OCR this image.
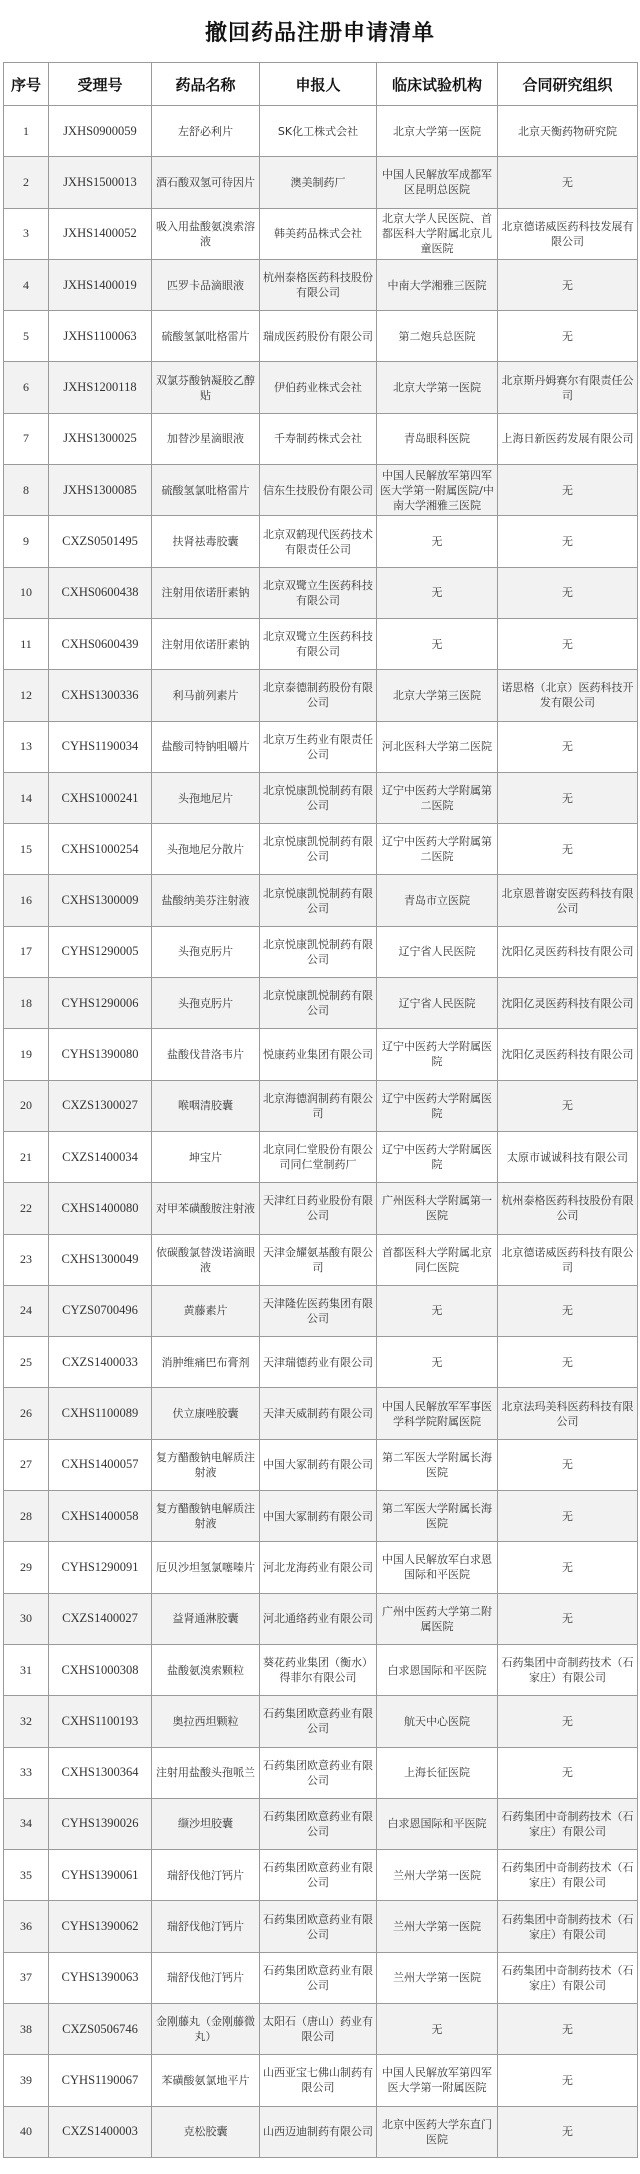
撤回药品注册申请清单
序号	受理号	药品名称	申报人	临床试验机构	合同研究组织
1	JXHS0900059	左舒必利片	SK化工株式会社	北京大学第一医院	北京天衡药物研究院
2	JXHS1500013	酒石酸双氢可待因片	澳美制药厂	中国人民解放军成都军区昆明总医院	无
3	JXHS1400052	吸入用盐酸氨溴索溶液	韩美药品株式会社	北京大学人民医院、首都医科大学附属北京儿童医院	北京德诺威医药科技发展有限公司
4	JXHS1400019	匹罗卡品滴眼液	杭州泰格医药科技股份有限公司	中南大学湘雅三医院	无
5	JXHS1100063	硫酸氢氯吡格雷片	瑞成医药股份有限公司	第二炮兵总医院	无
6	JXHS1200118	双氯芬酸钠凝胶乙醇贴	伊伯药业株式会社	北京大学第一医院	北京斯丹姆赛尔有限责任公司
7	JXHS1300025	加替沙星滴眼液	千寿制药株式会社	青岛眼科医院	上海日新医药发展有限公司
8	JXHS1300085	硫酸氢氯吡格雷片	信东生技股份有限公司	中国人民解放军第四军医大学第一附属医院/中南大学湘雅三医院	无
9	CXZS0501495	扶肾祛毒胶囊	北京双鹤现代医药技术有限责任公司	无	无
10	CXHS0600438	注射用依诺肝素钠	北京双鹭立生医药科技有限公司	无	无
11	CXHS0600439	注射用依诺肝素钠	北京双鹭立生医药科技有限公司	无	无
12	CXHS1300336	利马前列素片	北京泰德制药股份有限公司	北京大学第三医院	诺思格（北京）医药科技开发有限公司
13	CYHS1190034	盐酸司特钠咀嚼片	北京万生药业有限责任公司	河北医科大学第二医院	无
14	CXHS1000241	头孢地尼片	北京悦康凯悦制药有限公司	辽宁中医药大学附属第二医院	无
15	CXHS1000254	头孢地尼分散片	北京悦康凯悦制药有限公司	辽宁中医药大学附属第二医院	无
16	CXHS1300009	盐酸纳美芬注射液	北京悦康凯悦制药有限公司	青岛市立医院	北京恩普谢安医药科技有限公司
17	CYHS1290005	头孢克肟片	北京悦康凯悦制药有限公司	辽宁省人民医院	沈阳亿灵医药科技有限公司
18	CYHS1290006	头孢克肟片	北京悦康凯悦制药有限公司	辽宁省人民医院	沈阳亿灵医药科技有限公司
19	CYHS1390080	盐酸伐昔洛韦片	悦康药业集团有限公司	辽宁中医药大学附属医院	沈阳亿灵医药科技有限公司
20	CXZS1300027	喉咽清胶囊	北京海德润制药有限公司	辽宁中医药大学附属医院	无
21	CXZS1400034	坤宝片	北京同仁堂股份有限公司同仁堂制药厂	辽宁中医药大学附属医院	太原市诚诚科技有限公司
22	CXHS1400080	对甲苯磺酸胺注射液	天津红日药业股份有限公司	广州医科大学附属第一医院	杭州泰格医药科技股份有限公司
23	CXHS1300049	依碳酸氯替泼诺滴眼液	天津金耀氨基酸有限公司	首都医科大学附属北京同仁医院	北京德诺威医药科技有限公司
24	CYZS0700496	黄藤素片	天津隆佐医药集团有限公司	无	无
25	CXZS1400033	消肿维痛巴布膏剂	天津瑞德药业有限公司	无	无
26	CXHS1100089	伏立康唑胶囊	天津天威制药有限公司	中国人民解放军军事医学科学院附属医院	北京法玛美科医药科技有限公司
27	CXHS1400057	复方醋酸钠电解质注射液	中国大冢制药有限公司	第二军医大学附属长海医院	无
28	CXHS1400058	复方醋酸钠电解质注射液	中国大冢制药有限公司	第二军医大学附属长海医院	无
29	CYHS1290091	厄贝沙坦氢氯噻嗪片	河北龙海药业有限公司	中国人民解放军白求恩国际和平医院	无
30	CXZS1400027	益肾通淋胶囊	河北通络药业有限公司	广州中医药大学第二附属医院	无
31	CXHS1000308	盐酸氨溴索颗粒	葵花药业集团（衡水）得菲尔有限公司	白求恩国际和平医院	石药集团中奇制药技术（石家庄）有限公司
32	CXHS1100193	奥拉西坦颗粒	石药集团欧意药业有限公司	航天中心医院	无
33	CXHS1300364	注射用盐酸头孢哌兰	石药集团欧意药业有限公司	上海长征医院	无
34	CYHS1390026	缬沙坦胶囊	石药集团欧意药业有限公司	白求恩国际和平医院	石药集团中奇制药技术（石家庄）有限公司
35	CYHS1390061	瑞舒伐他汀钙片	石药集团欧意药业有限公司	兰州大学第一医院	石药集团中奇制药技术（石家庄）有限公司
36	CYHS1390062	瑞舒伐他汀钙片	石药集团欧意药业有限公司	兰州大学第一医院	石药集团中奇制药技术（石家庄）有限公司
37	CYHS1390063	瑞舒伐他汀钙片	石药集团欧意药业有限公司	兰州大学第一医院	石药集团中奇制药技术（石家庄）有限公司
38	CXZS0506746	金刚藤丸（金刚藤微丸）	太阳石（唐山）药业有限公司	无	无
39	CYHS1190067	苯磺酸氨氯地平片	山西亚宝七佛山制药有限公司	中国人民解放军第四军医大学第一附属医院	无
40	CXZS1400003	克松胶囊	山西迈迪制药有限公司	北京中医药大学东直门医院	无
